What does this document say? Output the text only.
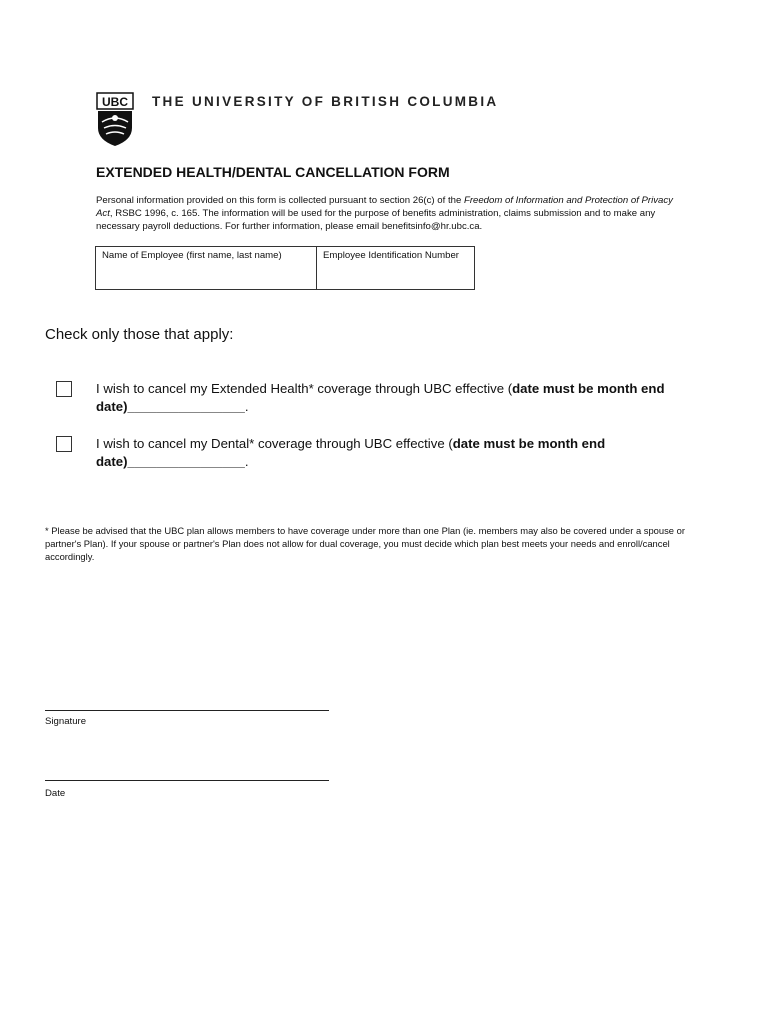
UBC THE UNIVERSITY OF BRITISH COLUMBIA
EXTENDED HEALTH/DENTAL CANCELLATION FORM
Personal information provided on this form is collected pursuant to section 26(c) of the Freedom of Information and Protection of Privacy Act, RSBC 1996, c. 165. The information will be used for the purpose of benefits administration, claims submission and to make any necessary payroll deductions. For further information, please email benefitsinfo@hr.ubc.ca.
Name of Employee (first name, last name)	Employee Identification Number
Check only those that apply:
I wish to cancel my Extended Health* coverage through UBC effective (date must be month end date)________________.
I wish to cancel my Dental* coverage through UBC effective (date must be month end date)________________.
* Please be advised that the UBC plan allows members to have coverage under more than one Plan (ie. members may also be covered under a spouse or partner's Plan). If your spouse or partner's Plan does not allow for dual coverage, you must decide which plan best meets your needs and enroll/cancel accordingly.
Signature
Date
